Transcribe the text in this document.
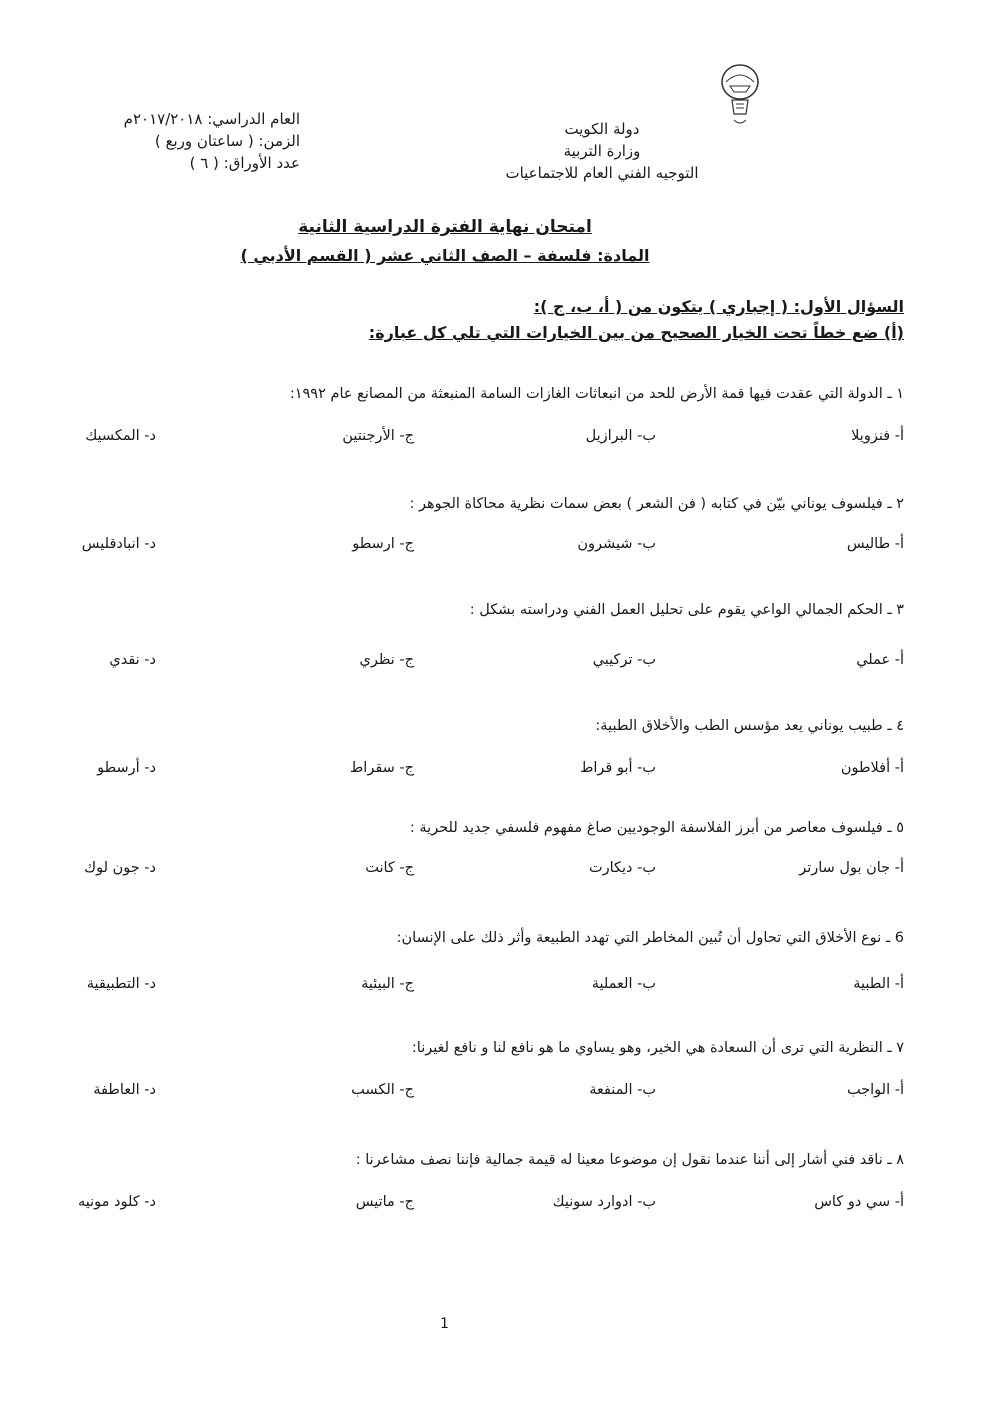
دولة الكويت
وزارة التربية
التوجيه الفني العام للاجتماعيات
العام الدراسي: ٢٠١٧/٢٠١٨م
الزمن: ( ساعتان وربع )
عدد الأوراق: ( ٦ )
امتحان نهاية الفترة الدراسية الثانية
المادة: فلسفة – الصف الثاني عشر ( القسم الأدبي )
السؤال الأول: ( إجباري ) يتكون من ( أ، ب، ج ):
(أ) ضع خطاً تحت الخيار الصحيح من بين الخيارات التي تلي كل عبارة:
١ ـ الدولة التي عقدت فيها قمة الأرض للحد من انبعاثات الغازات السامة المنبعثة من المصانع عام ١٩٩٢:
أ- فنزويلا
ب- البرازيل
ج- الأرجنتين
د- المكسيك
٢ ـ فيلسوف يوناني بيّن في كتابه ( فن الشعر ) بعض سمات نظرية محاكاة الجوهر :
أ- طاليس
ب- شيشرون
ج- ارسطو
د- انبادقليس
٣ ـ الحكم الجمالي الواعي يقوم على تحليل العمل الفني ودراسته بشكل :
أ- عملي
ب- تركيبي
ج- نظري
د- نقدي
٤ ـ طبيب يوناني يعد مؤسس الطب والأخلاق الطبية:
أ- أفلاطون
ب- أبو قراط
ج- سقراط
د- أرسطو
٥ ـ فيلسوف معاصر من أبرز الفلاسفة الوجوديين صاغ مفهوم فلسفي جديد للحرية :
أ- جان بول سارتر
ب- ديكارت
ج- كانت
د- جون لوك
6 ـ نوع الأخلاق التي تحاول أن تُبين المخاطر التي تهدد الطبيعة وأثر ذلك على الإنسان:
أ- الطبية
ب- العملية
ج- البيئية
د- التطبيقية
٧ ـ النظرية التي ترى أن السعادة هي الخير، وهو يساوي ما هو نافع لنا و نافع لغيرنا:
أ- الواجب
ب- المنفعة
ج- الكسب
د- العاطفة
٨ ـ ناقد فني أشار إلى أننا عندما نقول إن موضوعا معينا له قيمة جمالية فإننا نصف مشاعرنا :
أ- سي دو كاس
ب- ادوارد سونيك
ج- ماتيس
د- كلود مونيه
1
